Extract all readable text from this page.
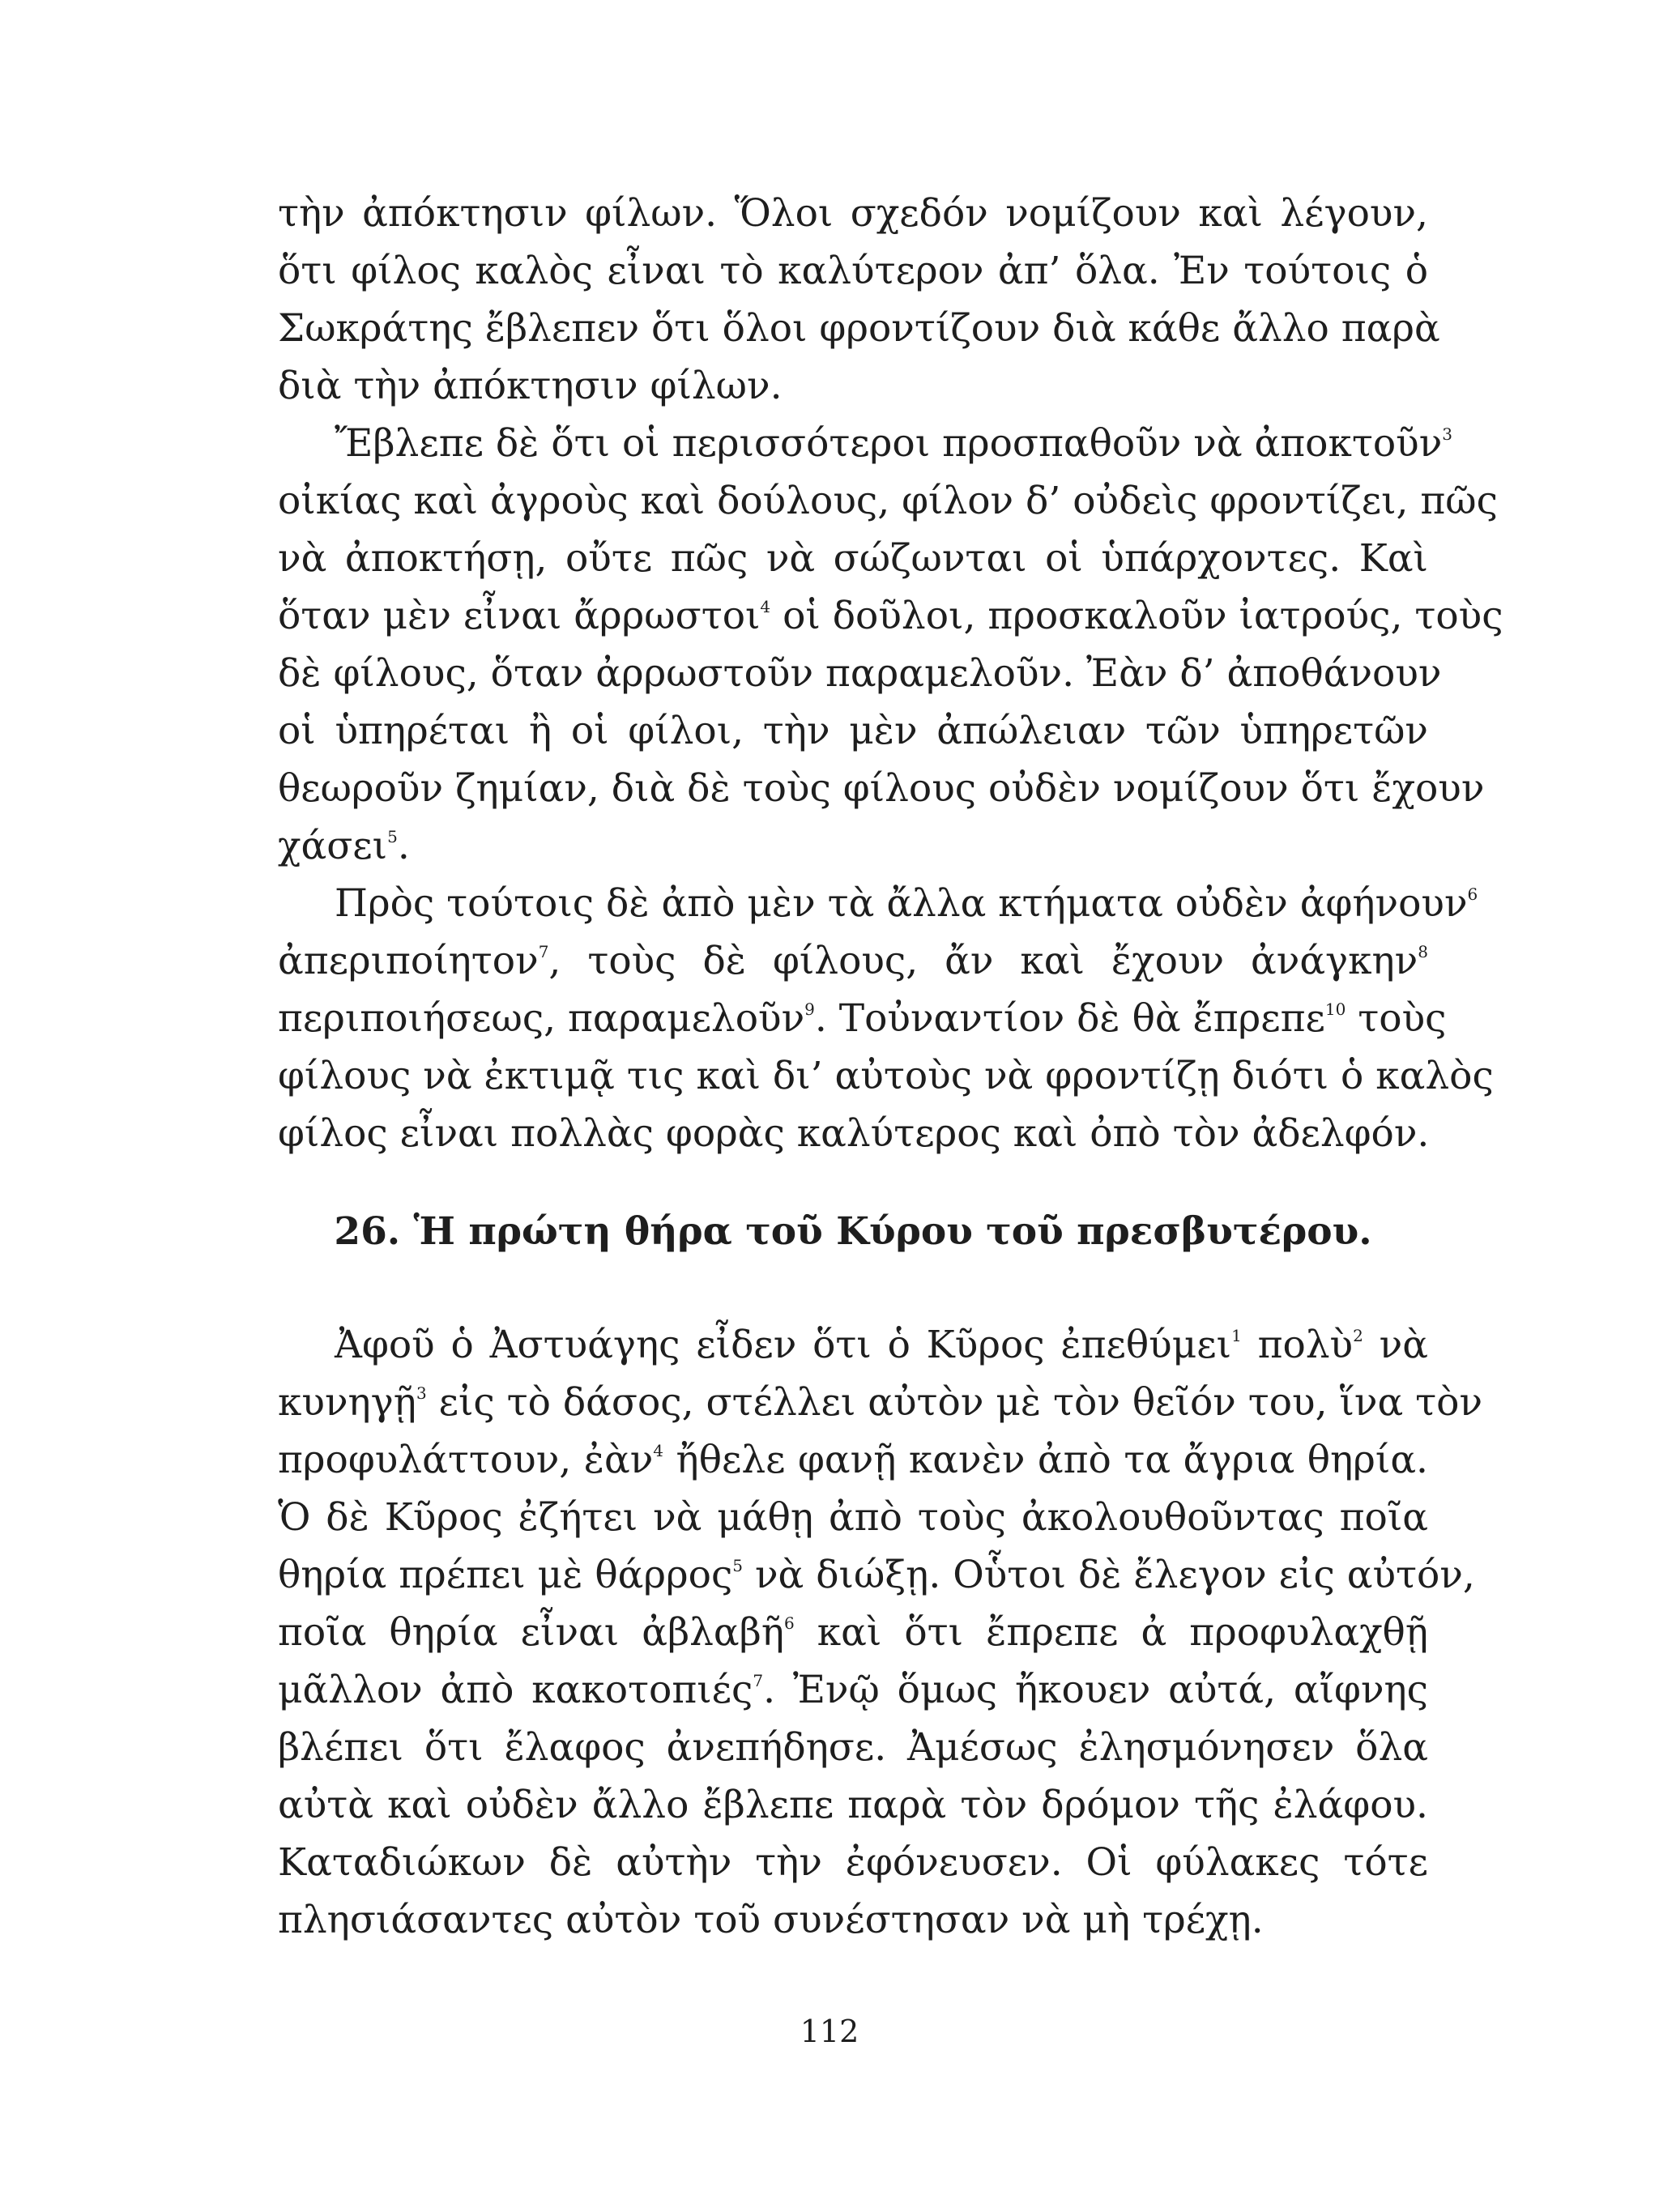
τὴν ἀπόκτησιν φίλων. Ὅλοι σχεδόν νομίζουν καὶ λέγουν,
ὅτι φίλος καλὸς εἶναι τὸ καλύτερον ἀπ’ ὅλα. Ἐν τούτοις ὁ
Σωκράτης ἔβλεπεν ὅτι ὅλοι φροντίζουν διὰ κάθε ἄλλο παρὰ
διὰ τὴν ἀπόκτησιν φίλων.
Ἔβλεπε δὲ ὅτι οἱ περισσότεροι προσπαθοῦν νὰ ἀποκτοῦν$^3$
οἰκίας καὶ ἀγροὺς καὶ δούλους, φίλον δ’ οὐδεὶς φροντίζει, πῶς
νὰ ἀποκτήσῃ, οὔτε πῶς νὰ σώζωνται οἱ ὑπάρχοντες. Καὶ
ὅταν μὲν εἶναι ἄρρωστοι$^4$ οἱ δοῦλοι, προσκαλοῦν ἰατρούς, τοὺς
δὲ φίλους, ὅταν ἀρρωστοῦν παραμελοῦν. Ἐὰν δ’ ἀποθάνουν
οἱ ὑπηρέται ἢ οἱ φίλοι, τὴν μὲν ἀπώλειαν τῶν ὑπηρετῶν
θεωροῦν ζημίαν, διὰ δὲ τοὺς φίλους οὐδὲν νομίζουν ὅτι ἔχουν
χάσει$^5$.
Πρὸς τούτοις δὲ ἀπὸ μὲν τὰ ἄλλα κτήματα οὐδὲν ἀφήνουν$^6$
ἀπεριποίητον$^7$, τοὺς δὲ φίλους, ἄν καὶ ἔχουν ἀνάγκην$^8$
περιποιήσεως, παραμελοῦν$^9$. Τοὐναντίον δὲ θὰ ἔπρεπε$^{10}$ τοὺς
φίλους νὰ ἐκτιμᾷ τις καὶ δι’ αὐτοὺς νὰ φροντίζῃ διότι ὁ καλὸς
φίλος εἶναι πολλὰς φορὰς καλύτερος καὶ ὀπὸ τὸν ἀδελφόν.
26. Ἡ πρώτη θήρα τοῦ Κύρου τοῦ πρεσβυτέρου.
Ἀφοῦ ὁ Ἀστυάγης εἶδεν ὅτι ὁ Κῦρος ἐπεθύμει$^1$ πολὺ$^2$ νὰ
κυνηγῇ$^3$ εἰς τὸ δάσος, στέλλει αὐτὸν μὲ τὸν θεῖόν του, ἵνα τὸν
προφυλάττουν, ἐὰν$^4$ ἤθελε φανῇ κανὲν ἀπὸ τα ἄγρια θηρία.
Ὁ δὲ Κῦρος ἐζήτει νὰ μάθῃ ἀπὸ τοὺς ἀκολουθοῦντας ποῖα
θηρία πρέπει μὲ θάρρος$^5$ νὰ διώξῃ. Οὗτοι δὲ ἔλεγον εἰς αὐτόν,
ποῖα θηρία εἶναι ἀβλαβῆ$^6$ καὶ ὅτι ἔπρεπε ἀ προφυλαχθῇ
μᾶλλον ἀπὸ κακοτοπιές$^7$. Ἐνῷ ὅμως ἤκουεν αὐτά, αἴφνης
βλέπει ὅτι ἔλαφος ἀνεπήδησε. Ἀμέσως ἐλησμόνησεν ὅλα
αὐτὰ καὶ οὐδὲν ἄλλο ἔβλεπε παρὰ τὸν δρόμον τῆς ἐλάφου.
Καταδιώκων δὲ αὐτὴν τὴν ἐφόνευσεν. Οἱ φύλακες τότε
πλησιάσαντες αὐτὸν τοῦ συνέστησαν νὰ μὴ τρέχῃ.
112
